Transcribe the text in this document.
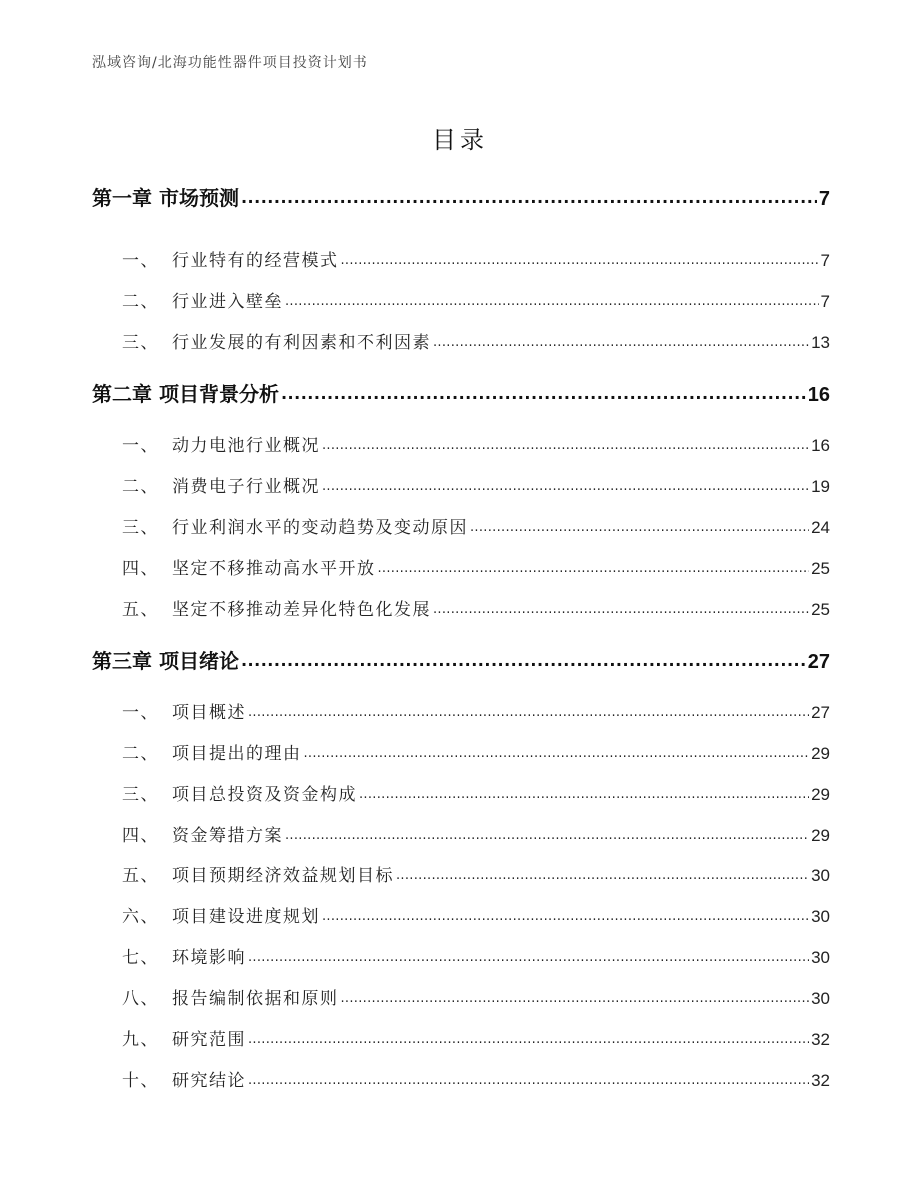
泓域咨询/北海功能性器件项目投资计划书
目录
第一章 市场预测 .....	7
一、 行业特有的经营模式 .....	7
二、 行业进入壁垒 .....	7
三、 行业发展的有利因素和不利因素 .....	13
第二章 项目背景分析 .....	16
一、 动力电池行业概况 .....	16
二、 消费电子行业概况 .....	19
三、 行业利润水平的变动趋势及变动原因 .....	24
四、 坚定不移推动高水平开放 .....	25
五、 坚定不移推动差异化特色化发展 .....	25
第三章 项目绪论 .....	27
一、 项目概述 .....	27
二、 项目提出的理由 .....	29
三、 项目总投资及资金构成 .....	29
四、 资金筹措方案 .....	29
五、 项目预期经济效益规划目标 .....	30
六、 项目建设进度规划 .....	30
七、 环境影响 .....	30
八、 报告编制依据和原则 .....	30
九、 研究范围 .....	32
十、 研究结论 .....	32
